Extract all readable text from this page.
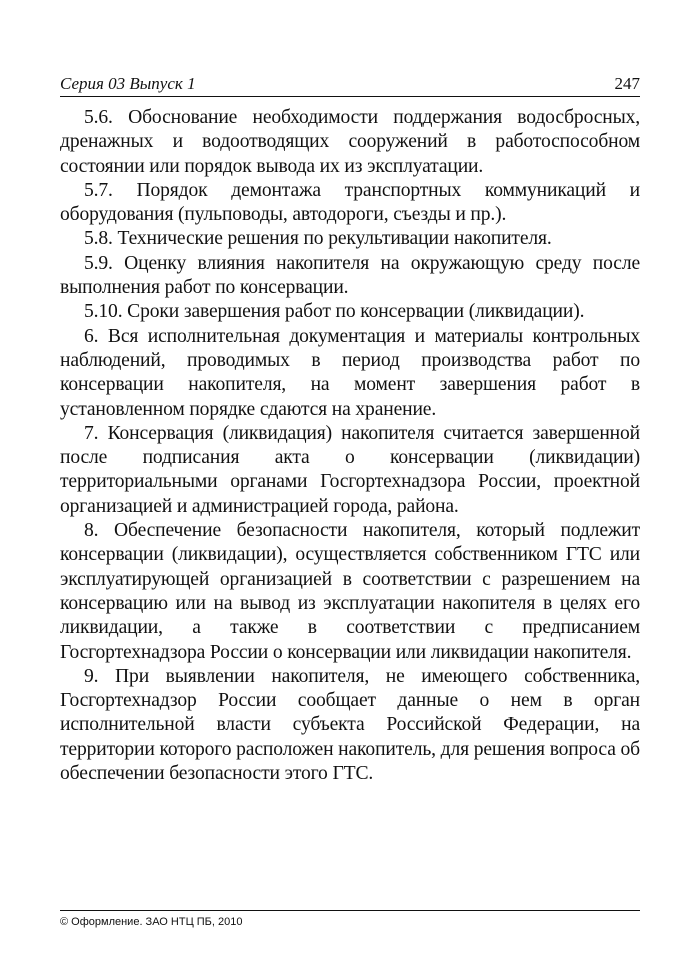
Серия 03 Выпуск 1	247

5.6. Обоснование необходимости поддержания водосбросных, дренажных и водоотводящих сооружений в работоспособном состоянии или порядок вывода их из эксплуатации.

5.7. Порядок демонтажа транспортных коммуникаций и оборудования (пульповоды, автодороги, съезды и пр.).

5.8. Технические решения по рекультивации накопителя.

5.9. Оценку влияния накопителя на окружающую среду после выполнения работ по консервации.

5.10. Сроки завершения работ по консервации (ликвидации).

6. Вся исполнительная документация и материалы контрольных наблюдений, проводимых в период производства работ по консервации накопителя, на момент завершения работ в установленном порядке сдаются на хранение.

7. Консервация (ликвидация) накопителя считается завершенной после подписания акта о консервации (ликвидации) территориальными органами Госгортехнадзора России, проектной организацией и администрацией города, района.

8. Обеспечение безопасности накопителя, который подлежит консервации (ликвидации), осуществляется собственником ГТС или эксплуатирующей организацией в соответствии с разрешением на консервацию или на вывод из эксплуатации накопителя в целях его ликвидации, а также в соответствии с предписанием Госгортехнадзора России о консервации или ликвидации накопителя.

9. При выявлении накопителя, не имеющего собственника, Госгортехнадзор России сообщает данные о нем в орган исполнительной власти субъекта Российской Федерации, на территории которого расположен накопитель, для решения вопроса об обеспечении безопасности этого ГТС.

© Оформление. ЗАО НТЦ ПБ, 2010
